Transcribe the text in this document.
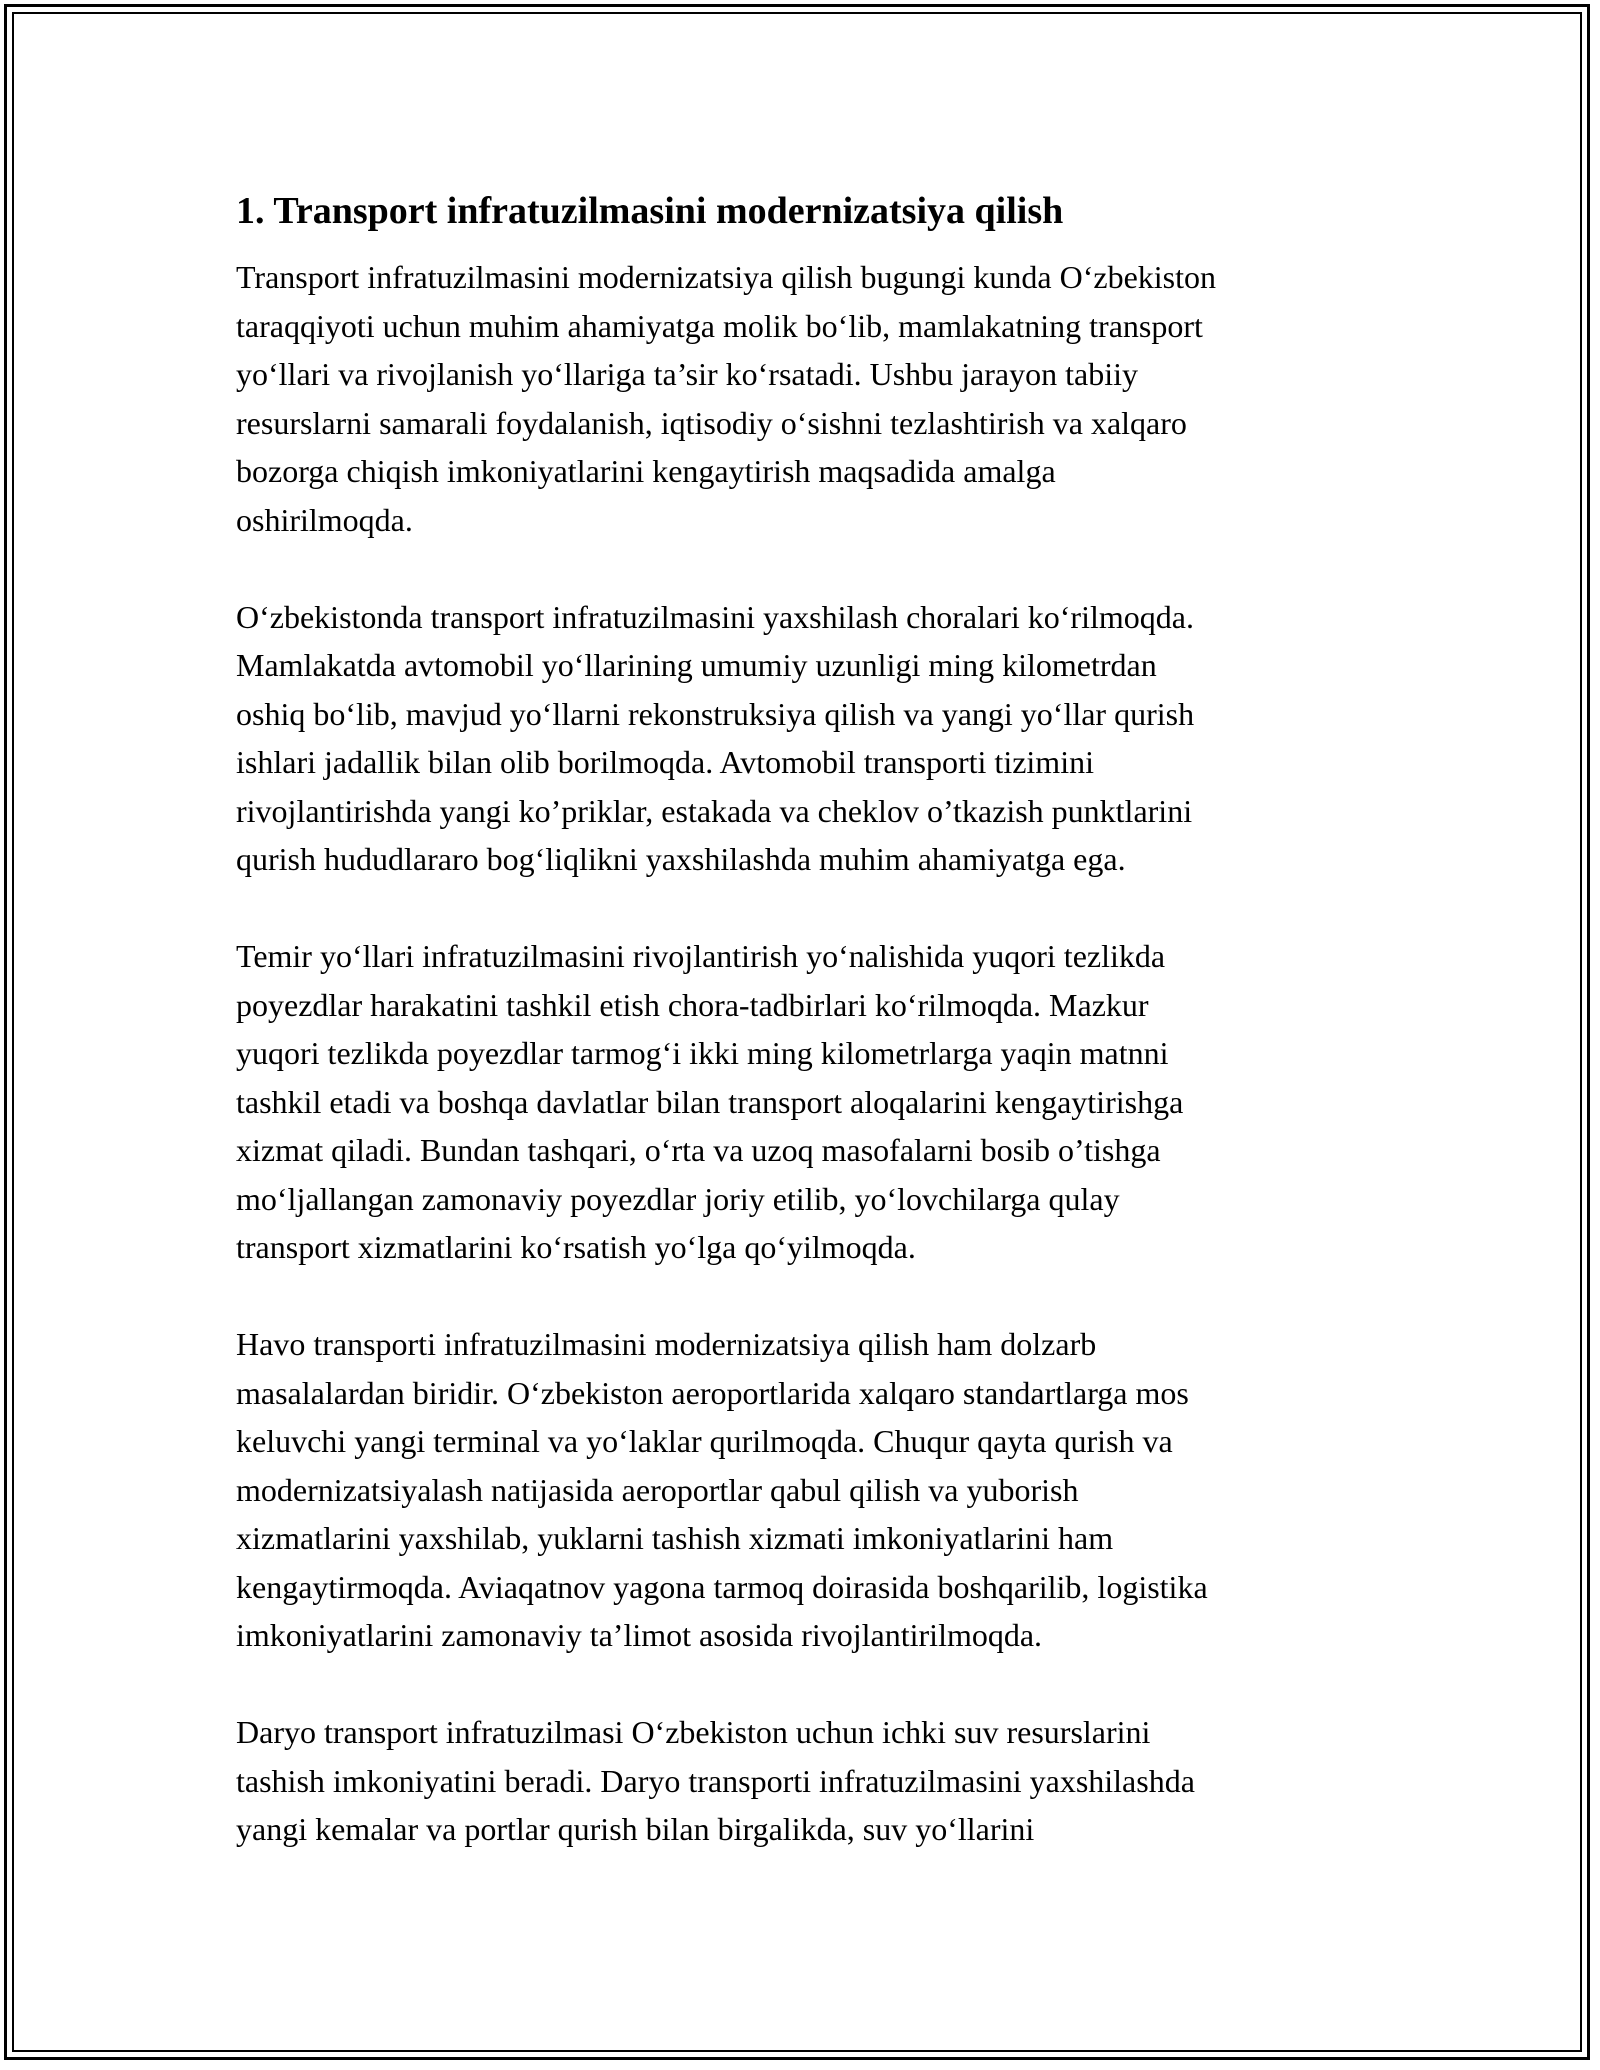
1. Transport infratuzilmasini modernizatsiya qilish

Transport infratuzilmasini modernizatsiya qilish bugungi kunda O‘zbekiston
taraqqiyoti uchun muhim ahamiyatga molik bo‘lib, mamlakatning transport
yo‘llari va rivojlanish yo‘llariga ta’sir ko‘rsatadi. Ushbu jarayon tabiiy
resurslarni samarali foydalanish, iqtisodiy o‘sishni tezlashtirish va xalqaro
bozorga chiqish imkoniyatlarini kengaytirish maqsadida amalga
oshirilmoqda.

O‘zbekistonda transport infratuzilmasini yaxshilash choralari ko‘rilmoqda.
Mamlakatda avtomobil yo‘llarining umumiy uzunligi ming kilometrdan
oshiq bo‘lib, mavjud yo‘llarni rekonstruksiya qilish va yangi yo‘llar qurish
ishlari jadallik bilan olib borilmoqda. Avtomobil transporti tizimini
rivojlantirishda yangi ko’priklar, estakada va cheklov o’tkazish punktlarini
qurish hududlararo bog‘liqlikni yaxshilashda muhim ahamiyatga ega.

Temir yo‘llari infratuzilmasini rivojlantirish yo‘nalishida yuqori tezlikda
poyezdlar harakatini tashkil etish chora-tadbirlari ko‘rilmoqda. Mazkur
yuqori tezlikda poyezdlar tarmog‘i ikki ming kilometrlarga yaqin matnni
tashkil etadi va boshqa davlatlar bilan transport aloqalarini kengaytirishga
xizmat qiladi. Bundan tashqari, o‘rta va uzoq masofalarni bosib o’tishga
mo‘ljallangan zamonaviy poyezdlar joriy etilib, yo‘lovchilarga qulay
transport xizmatlarini ko‘rsatish yo‘lga qo‘yilmoqda.

Havo transporti infratuzilmasini modernizatsiya qilish ham dolzarb
masalalardan biridir. O‘zbekiston aeroportlarida xalqaro standartlarga mos
keluvchi yangi terminal va yo‘laklar qurilmoqda. Chuqur qayta qurish va
modernizatsiyalash natijasida aeroportlar qabul qilish va yuborish
xizmatlarini yaxshilab, yuklarni tashish xizmati imkoniyatlarini ham
kengaytirmoqda. Aviaqatnov yagona tarmoq doirasida boshqarilib, logistika
imkoniyatlarini zamonaviy ta’limot asosida rivojlantirilmoqda.

Daryo transport infratuzilmasi O‘zbekiston uchun ichki suv resurslarini
tashish imkoniyatini beradi. Daryo transporti infratuzilmasini yaxshilashda
yangi kemalar va portlar qurish bilan birgalikda, suv yo‘llarini
